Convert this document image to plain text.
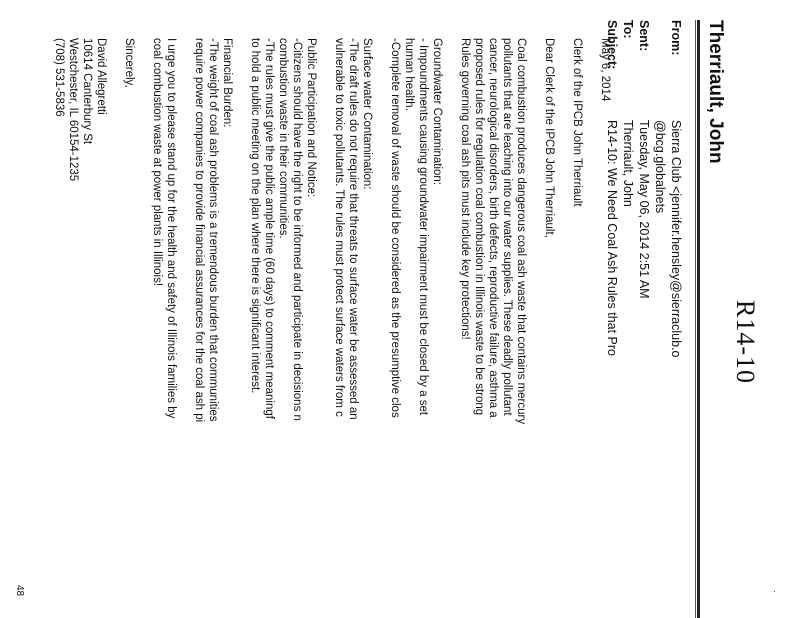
·
R14-10
Therriault, John
From:
Sierra Club <jennifer.hensley@sierraclub.o
@bcg.globalnets
Sent:
Tuesday, May 06, 2014 2:51 AM
To:
Therriault, John
Subject:
R14-10: We Need Coal Ash Rules that Pro
May 6, 2014
Clerk of the IPCB John Therriault
Dear Clerk of the IPCB John Therriault,
Coal combustion produces dangerous coal ash waste that contains mercury
pollutants that are leaching into our water supplies. These deadly pollutant
cancer, neurological disorders, birth defects, reproductive failure, asthma a
proposed rules for regulation coal combustion in Illinois waste to be strong
Rules governing coal ash pits must include key protections!
Groundwater Contamination:
- Impoundments causing groundwater impairment must be closed by a set
human health.
-Complete removal of waste should be considered as the presumptive clos
Surface water Contamination:
-The draft rules do not require that threats to surface water be assessed an
vulnerable to toxic pollutants. The rules must protect surface waters from c
Public Participation and Notice:
-Citizens should have the right to be informed and participate in decisions n
combustion waste in their communities.
-The rules must give the public ample time (60 days) to comment meaningf
to hold a public meeting on the plan where there is significant interest.
Financial Burden:
-The weight of coal ash problems is a tremendous burden that communities
require power companies to provide financial assurances for the coal ash pi
I urge you to please stand up for the health and safety of Illinois families by
coal combustion waste at power plants in Illinois!
Sincerely,
David Allegretti
10614 Canterbury St
Westchester, IL 60154-1235
(708) 531-5836
48
